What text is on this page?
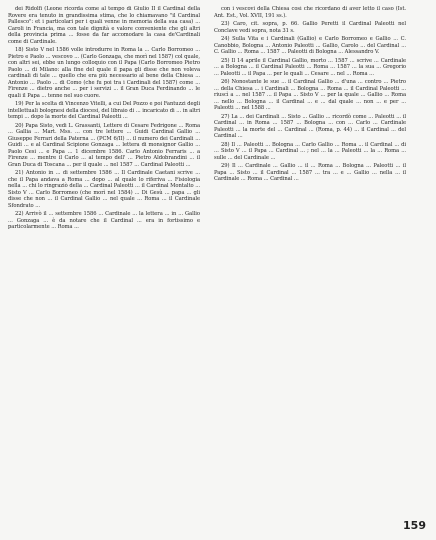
dei Ridolfi (Leone ricorda come al tempo di Giulio II il Cardinal della Rovere era tenuto in grandissima stima, che lo chiamavano "il Cardinal Pallesco": et i particolari per i quali venne in memoria della sua casa) ... Caroli in Francia, ma con tale dignità e valore conveniente che gli altri della provincia prima ... fosse da far accomodare la casa de'Cardinali come di Cardinale.

18) Sisto V nel 1586 volle introdurre in Roma la ... Carlo Borromeo ... Pietro e Paolo ... vescovo ... (Carlo Gonzaga, che morì nel 1587) col quale, con altri sei, ebbe un lungo colloquio con il Papa (Carlo Borromeo Pietro Paolo ... di Milano: alla fine del quale il papa gli disse che non voleva cardinali di tale ... quello che era più necessario al bene della Chiesa ... Antonio ... Paolo ... di Como (che fu poi tra i Cardinali del 1587) come ... Firenze ... dietro anche ... per i servizi ... il Gran Duca Ferdinando ... le quali il Papa ... tenne nel suo cuore.

19) Per la scelta di Vincenzo Vitelli, a cui Del Pozzo e poi Fantuzzi degli intellettuali bolognesi della diocesi, del libraio di ... incaricato di ... in altri tempi ... dopo la morte del Cardinal Paleotti ...

20) Papa Sisto, vedi L. Grassanti, Lettere di Cesare Fedrigone ... Roma ... Gallia ... Mart. Mss. ... con tre lettere ... Guidi Cardinal Gallio ... Giuseppe Ferrari della Paterna ... (PCM 6/II) ... il numero dei Cardinali ... Guidi ... e al Cardinal Scipione Gonzaga ... lettera di monsignor Gallio ... Paolo Cesi ... e Papa ... 1 dicembre 1586. Carlo Antonio Ferraris ... a Firenze ... mentre il Carlo ... al tempo dell' ... Pietro Aldobrandini ... il Gran Duca di Toscana ... per il quale ... nel 1587 ... Cardinal Paleotti ...

21) Antonio in ... di settembre 1586 ... Il Cardinale Caetani scrive ... che il Papa andava a Roma ... dopo ... al quale lo riferiva ... Fisiologia nella ... chi lo ringraziò della ... Cardinal Paleotti ... il Cardinal Montalto ... Sisto V ... Carlo Borromeo (che morì nel 1584) ... Di Gesù ... papa ... gli disse che non ... il Cardinal Gallio ... nel quale ... Roma ... il Cardinale Sfondrato ...

22) Arrivò il ... settembre 1586 ... Cardinale ... la lettera ... in ... Gallio ... Gonzaga ... è da notare che il Cardinal ... era in fortissimo e particolarmente ... Roma ...

con i vescovi della Chiesa così che ricordano di aver letto il caso (Ist. Ant. Est., Vol. XVII, 191 ss.).

23) Caro, cit. sopra, p. 66. Gallio Peretti il Cardinal Paleotti nel Conclave vedi sopra, nota 31 s.

24) Sulla Vita e i Cardinali (Gallio) e Carlo Borromeo e Gallio ... C. Canobbio, Bologna ... Antonio Paleotti ... Gallio, Carolo ... del Cardinal ... C. Gallio ... Roma ... 1587 ... Paleotti di Bologna ... Alessandro V.

25) Il 14 aprile il Cardinal Gallio, morto ... 1587 ... scrive ... Cardinale ... a Bologna ... il Cardinal Paleotti ... Roma ... 1587 ... la sua ... Gregorio ... Paleotti ... il Papa ... per le quali ... Cesare ... nel ... Roma ...

26) Nonostante le sue ... il Cardinal Gallio ... d'una ... contro ... Pietro ... della Chiesa ... i Cardinali ... Bologna ... Roma ... il Cardinal Paleotti ... riuscì a ... nel 1587 ... il Papa ... Sisto V ... per la quale ... Gallio ... Roma ... nello ... Bologna ... il Cardinal ... e ... dal quale ... non ... e per ... Paleotti ... nel 1588 ...

27) La ... dei Cardinali ... Sisto ... Gallio ... ricordò come ... Paleotti ... il Cardinal ... in Roma ... 1587 ... Bologna ... con ... Carlo ... Cardinale Paleotti ... la morte del ... Cardinal ... (Roma, p. 44) ... il Cardinal ... del Cardinal ...

28) Il ... Paleotti ... Bologna ... Carlo Gallio ... Roma ... il Cardinal ... di ... Sisto V ... il Papa ... Cardinal ... ; nel ... la ... Paleotti ... la ... Roma ... sulle ... del Cardinale ...

29) Il ... Cardinale ... Gallio ... il ... Roma ... Bologna ... Paleotti ... il Papa ... Sisto ... il Cardinal ... 1587 ... tra ... e ... Gallio ... nella ... il Cardinale ... Roma ... Cardinal ...

159
